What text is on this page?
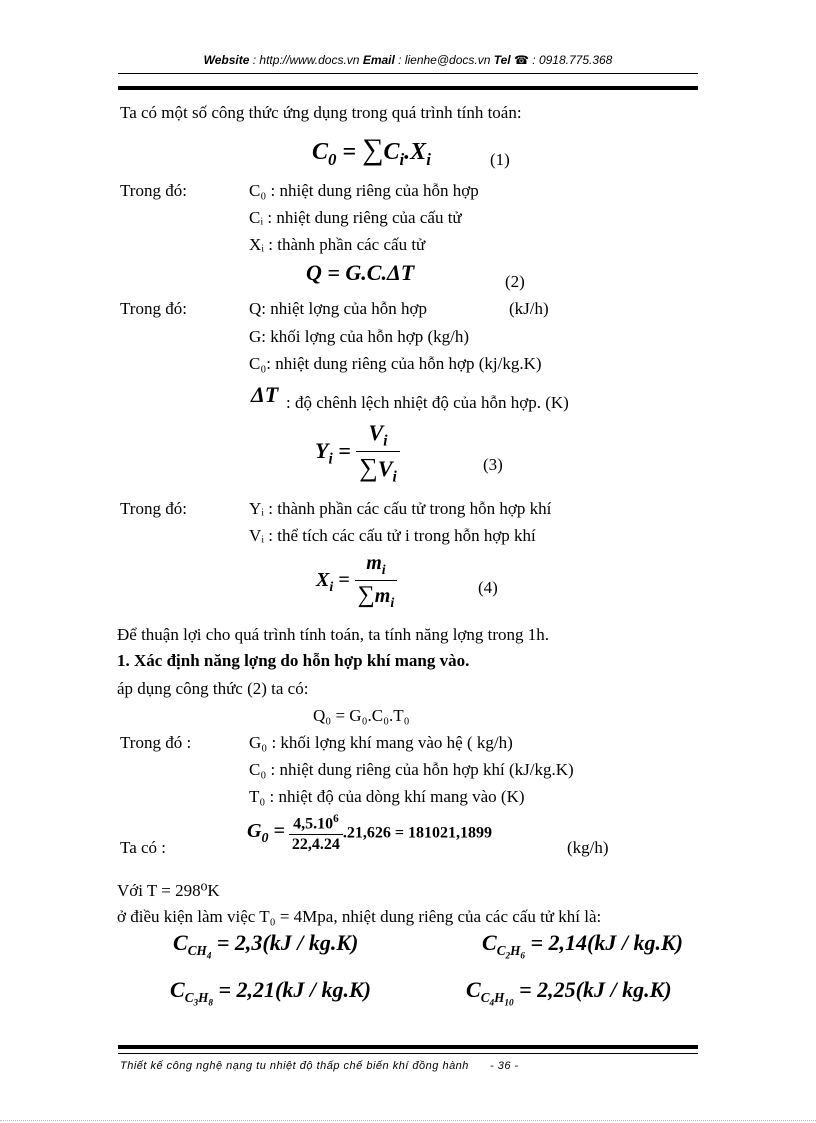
Website : http://www.docs.vn Email : lienhe@docs.vn Tel ☎ : 0918.775.368
Ta có một số công thức ứng dụng trong quá trình tính toán:
$C_0 = \sum C_i.X_i$	(1)
Trong đó:	C₀ : nhiệt dung riêng của hỗn hợp
Cᵢ : nhiệt dung riêng của cấu tử
Xᵢ : thành phần các cấu tử
Q = G.C.ΔT	(2)
Trong đó:	Q: nhiệt lợng của hỗn hợp	(kJ/h)
G: khối lợng của hỗn hợp (kg/h)
C₀: nhiệt dung riêng của hỗn hợp (kj/kg.K)
ΔT : độ chênh lệch nhiệt độ của hỗn hợp. (K)
$Y_i = \frac{V_i}{\sum V_i}$	(3)
Trong đó:	Yᵢ : thành phần các cấu tử trong hỗn hợp khí
Vᵢ : thể tích các cấu tử i trong hỗn hợp khí
$X_i = \frac{m_i}{\sum m_i}$	(4)
Để thuận lợi cho quá trình tính toán, ta tính năng lợng trong 1h.
1. Xác định năng lợng do hỗn hợp khí mang vào.
áp dụng công thức (2) ta có:
Q₀ = G₀.C₀.T₀
Trong đó :	G₀ : khối lợng khí mang vào hệ ( kg/h)
C₀ : nhiệt dung riêng của hỗn hợp khí (kJ/kg.K)
T₀ : nhiệt độ của dòng khí mang vào (K)
Ta có :
$G_0 = \frac{4,5.10^6}{22,4.24} .21,626 = 181021,1899$
(kg/h)
Với T = 298⁰K
ở điều kiện làm việc T₀ = 4Mpa, nhiệt dung riêng của các cấu tử khí là:
$C_{CH_4} = 2,3(kJ / kg.K)$	$C_{C_2H_6} = 2,14(kJ / kg.K)$
$C_{C_3H_8} = 2,21(kJ / kg.K)$	$C_{C_4H_{10}} = 2,25(kJ / kg.K)$
Thiết kế công nghệ nạng tu nhiệt độ thấp chế biến khí đồng hành - 36 -
